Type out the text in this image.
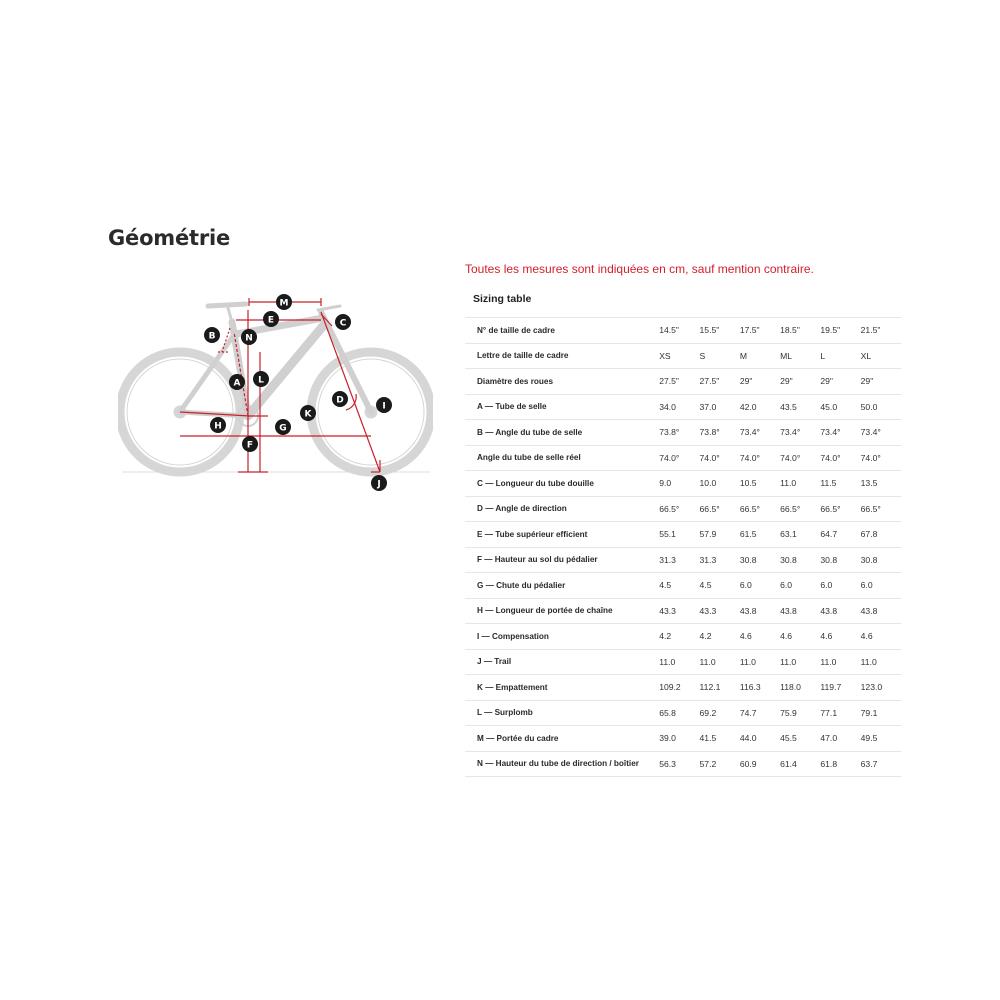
Géométrie
M
E	C
B	N
A L
D
I
K
H	G
F
J

Toutes les mesures sont indiquées en cm, sauf mention contraire.

Sizing table
N° de taille de cadre	14.5"	15.5"	17.5"	18.5"	19.5"	21.5"
Lettre de taille de cadre	XS	S	M	ML	L	XL
Diamètre des roues	27.5"	27.5"	29"	29"	29"	29"
A — Tube de selle	34.0	37.0	42.0	43.5	45.0	50.0
B — Angle du tube de selle	73.8°	73.8°	73.4°	73.4°	73.4°	73.4°
Angle du tube de selle réel	74.0°	74.0°	74.0°	74.0°	74.0°	74.0°
C — Longueur du tube douille	9.0	10.0	10.5	11.0	11.5	13.5
D — Angle de direction	66.5°	66.5°	66.5°	66.5°	66.5°	66.5°
E — Tube supérieur efficient	55.1	57.9	61.5	63.1	64.7	67.8
F — Hauteur au sol du pédalier	31.3	31.3	30.8	30.8	30.8	30.8
G — Chute du pédalier	4.5	4.5	6.0	6.0	6.0	6.0
H — Longueur de portée de chaîne	43.3	43.3	43.8	43.8	43.8	43.8
I — Compensation	4.2	4.2	4.6	4.6	4.6	4.6
J — Trail	11.0	11.0	11.0	11.0	11.0	11.0
K — Empattement	109.2	112.1	116.3	118.0	119.7	123.0
L — Surplomb	65.8	69.2	74.7	75.9	77.1	79.1
M — Portée du cadre	39.0	41.5	44.0	45.5	47.0	49.5
N — Hauteur du tube de direction / boîtier	56.3	57.2	60.9	61.4	61.8	63.7
